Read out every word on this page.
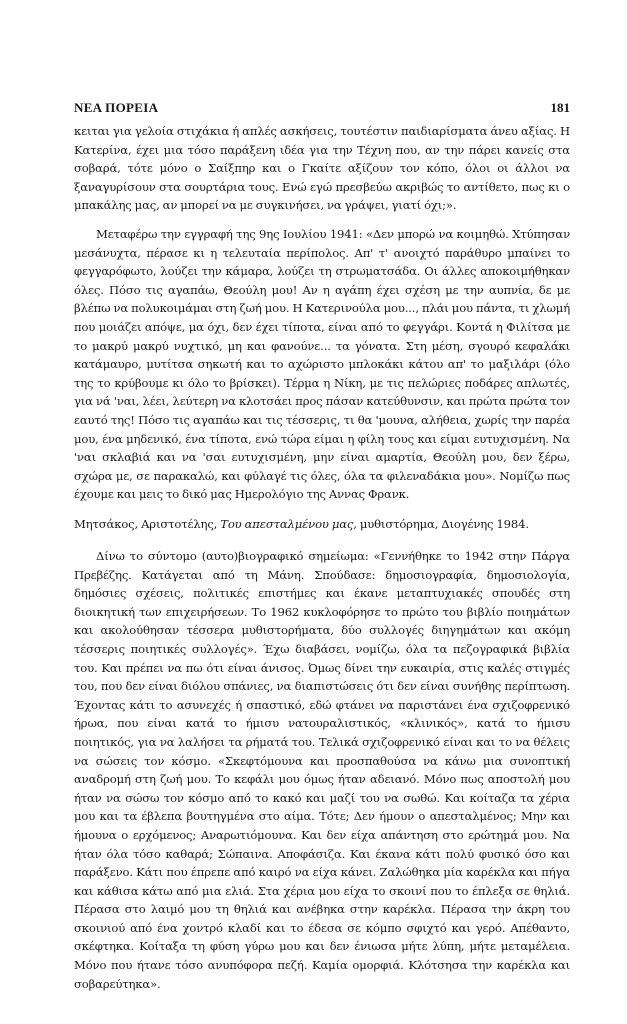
ΝΕΑ ΠΟΡΕΙΑ	181

κειται για γελοία στιχάκια ή απλές ασκήσεις, τουτέστιν παιδιαρίσματα άνευ αξίας. Η Κατερίνα, έχει μια τόσο παράξενη ιδέα για την Τέχνη που, αν την πάρει κανείς στα σοβαρά, τότε μόνο ο Σαίξπηρ και ο Γκαίτε αξίζουν τον κόπο, όλοι οι άλλοι να ξαναγυρίσουν στα σουρτάρια τους. Ενώ εγώ πρεσβεύω ακριβώς το αντίθετο, πως κι ο μπακάλης μας, αν μπορεί να με συγκινήσει, να γράψει, γιατί όχι;».

Μεταφέρω την εγγραφή της 9ης Ιουλίου 1941: «Δεν μπορώ να κοιμηθώ. Χτύπησαν μεσάνυχτα, πέρασε κι η τελευταία περίπολος. Απ' τ' ανοιχτό παράθυρο μπαίνει το φεγγαρόφωτο, λούζει την κάμαρα, λούζει τη στρωματσάδα. Οι άλλες αποκοιμήθηκαν όλες. Πόσο τις αγαπάω, Θεούλη μου! Αν η αγάπη έχει σχέση με την αυπνία, δε με βλέπω να πολυκοιμάμαι στη ζωή μου. Η Κατερινούλα μου..., πλάι μου πάντα, τι χλωμή που μοιάζει απόψε, μα όχι, δεν έχει τίποτα, είναι από το φεγγάρι. Κοντά η Φιλίτσα με το μακρύ μακρύ νυχτικό, μη και φανούνε... τα γόνατα. Στη μέση, σγουρό κεφαλάκι κατάμαυρο, μυτίτσα σηκωτή και το αχώριστο μπλοκάκι κάτου απ' το μαξιλάρι (όλο της το κρύβουμε κι όλο το βρίσκει). Τέρμα η Νίκη, με τις πελώριες ποδάρες απλωτές, για νά 'ναι, λέει, λεύτερη να κλοτσάει προς πάσαν κατεύθυνσιν, και πρώτα πρώτα τον εαυτό της! Πόσο τις αγαπάω και τις τέσσερις, τι θα 'μουνα, αλήθεια, χωρίς την παρέα μου, ένα μηδενικό, ένα τίποτα, ενώ τώρα είμαι η φίλη τους και είμαι ευτυχισμένη. Να 'ναι σκλαβιά και να 'σαι ευτυχισμένη, μην είναι αμαρτία, Θεούλη μου, δεν ξέρω, σχώρα με, σε παρακαλώ, και φύλαγέ τις όλες, όλα τα φιλεναδάκια μου». Νομίζω πως έχουμε και μεις το δικό μας Ημερολόγιο της Αννας Φρανκ.

Μητσάκος, Αριστοτέλης, Του απεσταλμένου μας, μυθιστόρημα, Διογένης 1984.

Δίνω το σύντομο (αυτο)βιογραφικό σημείωμα: «Γεννήθηκε το 1942 στην Πάργα Πρεβέζης. Κατάγεται από τη Μάνη. Σπούδασε: δημοσιογραφία, δημοσιολογία, δημόσιες σχέσεις, πολιτικές επιστήμες και έκανε μεταπτυχιακές σπουδές στη διοικητική των επιχειρήσεων. Το 1962 κυκλοφόρησε το πρώτο του βιβλίο ποιημάτων και ακολούθησαν τέσσερα μυθιστορήματα, δύο συλλογές διηγημάτων και ακόμη τέσσερις ποιητικές συλλογές». Έχω διαβάσει, νομίζω, όλα τα πεζογραφικά βιβλία του. Και πρέπει να πω ότι είναι άνισος. Όμως δίνει την ευκαιρία, στις καλές στιγμές του, που δεν είναι διόλου σπάνιες, να διαπιστώσεις ότι δεν είναι συνήθης περίπτωση. Έχοντας κάτι το ασυνεχές ή σπαστικό, εδώ φτάνει να παριστάνει ένα σχιζοφρενικό ήρωα, που είναι κατά το ήμισυ νατουραλιστικός, «κλινικός», κατά το ήμισυ ποιητικός, για να λαλήσει τα ρήματά του. Τελικά σχιζοφρενικό είναι και το να θέλεις να σώσεις τον κόσμο. «Σκεφτόμουνα και προσπαθούσα να κάνω μια συνοπτική αναδρομή στη ζωή μου. Το κεφάλι μου όμως ήταν αδειανό. Μόνο πως αποστολή μου ήταν να σώσω τον κόσμο από το κακό και μαζί του να σωθώ. Και κοίταζα τα χέρια μου και τα έβλεπα βουτηγμένα στο αίμα. Τότε; Δεν ήμουν ο απεσταλμένος; Μην και ήμουνα ο ερχόμενος; Αναρωτιόμουνα. Και δεν είχα απάντηση στο ερώτημά μου. Να ήταν όλα τόσο καθαρά; Σώπαινα. Αποφάσιζα. Και έκανα κάτι πολύ φυσικό όσο και παράξενο. Κάτι που έπρεπε από καιρό να είχα κάνει. Ζαλώθηκα μία καρέκλα και πήγα και κάθισα κάτω από μια ελιά. Στα χέρια μου είχα το σκοινί που το έπλεξα σε θηλιά. Πέρασα στο λαιμό μου τη θηλιά και ανέβηκα στην καρέκλα. Πέρασα την άκρη του σκοινιού από ένα χοντρό κλαδί και το έδεσα σε κόμπο σφιχτό και γερό. Απέθαντο, σκέφτηκα. Κοίταξα τη φύση γύρω μου και δεν ένιωσα μήτε λύπη, μήτε μεταμέλεια. Μόνο που ήτανε τόσο ανυπόφορα πεζή. Καμία ομορφιά. Κλότσησα την καρέκλα και σοβαρεύτηκα».
